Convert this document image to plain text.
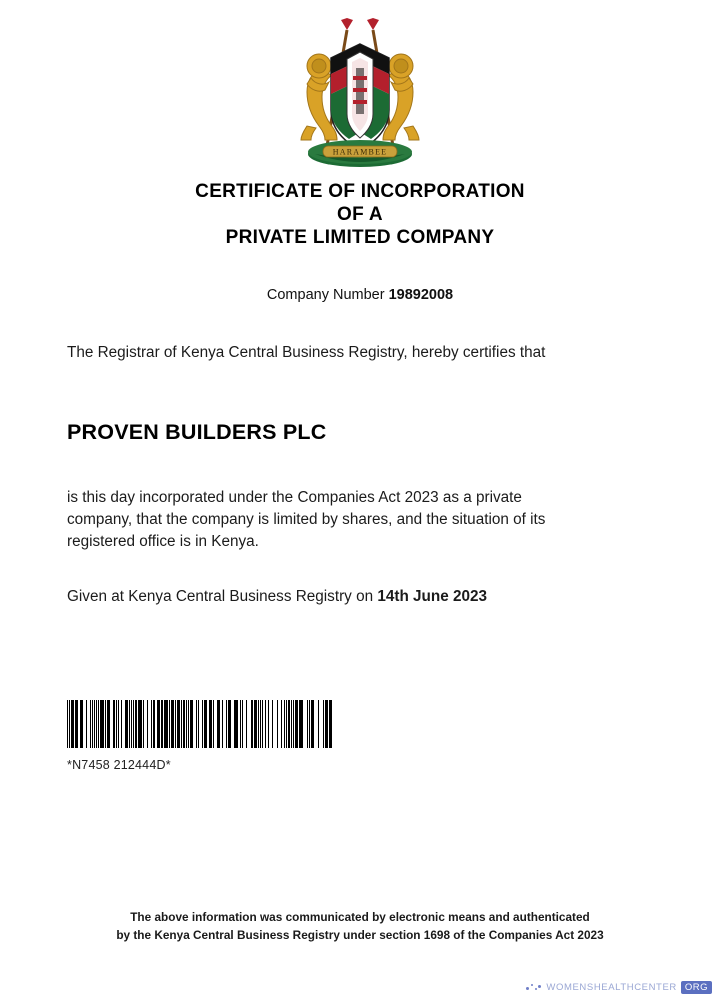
HARAMBEE
CERTIFICATE OF INCORPORATION
OF A
PRIVATE LIMITED COMPANY
Company Number 19892008
The Registrar of Kenya Central Business Registry, hereby certifies that
PROVEN BUILDERS PLC
is this day incorporated under the Companies Act 2023 as a private company, that the company is limited by shares, and the situation of its registered office is in Kenya.
Given at Kenya Central Business Registry on 14th June 2023
*N7458 212444D*
The above information was communicated by electronic means and authenticated
by the Kenya Central Business Registry under section 1698 of the Companies Act 2023
WOMENSHEALTHCENTER ORG
